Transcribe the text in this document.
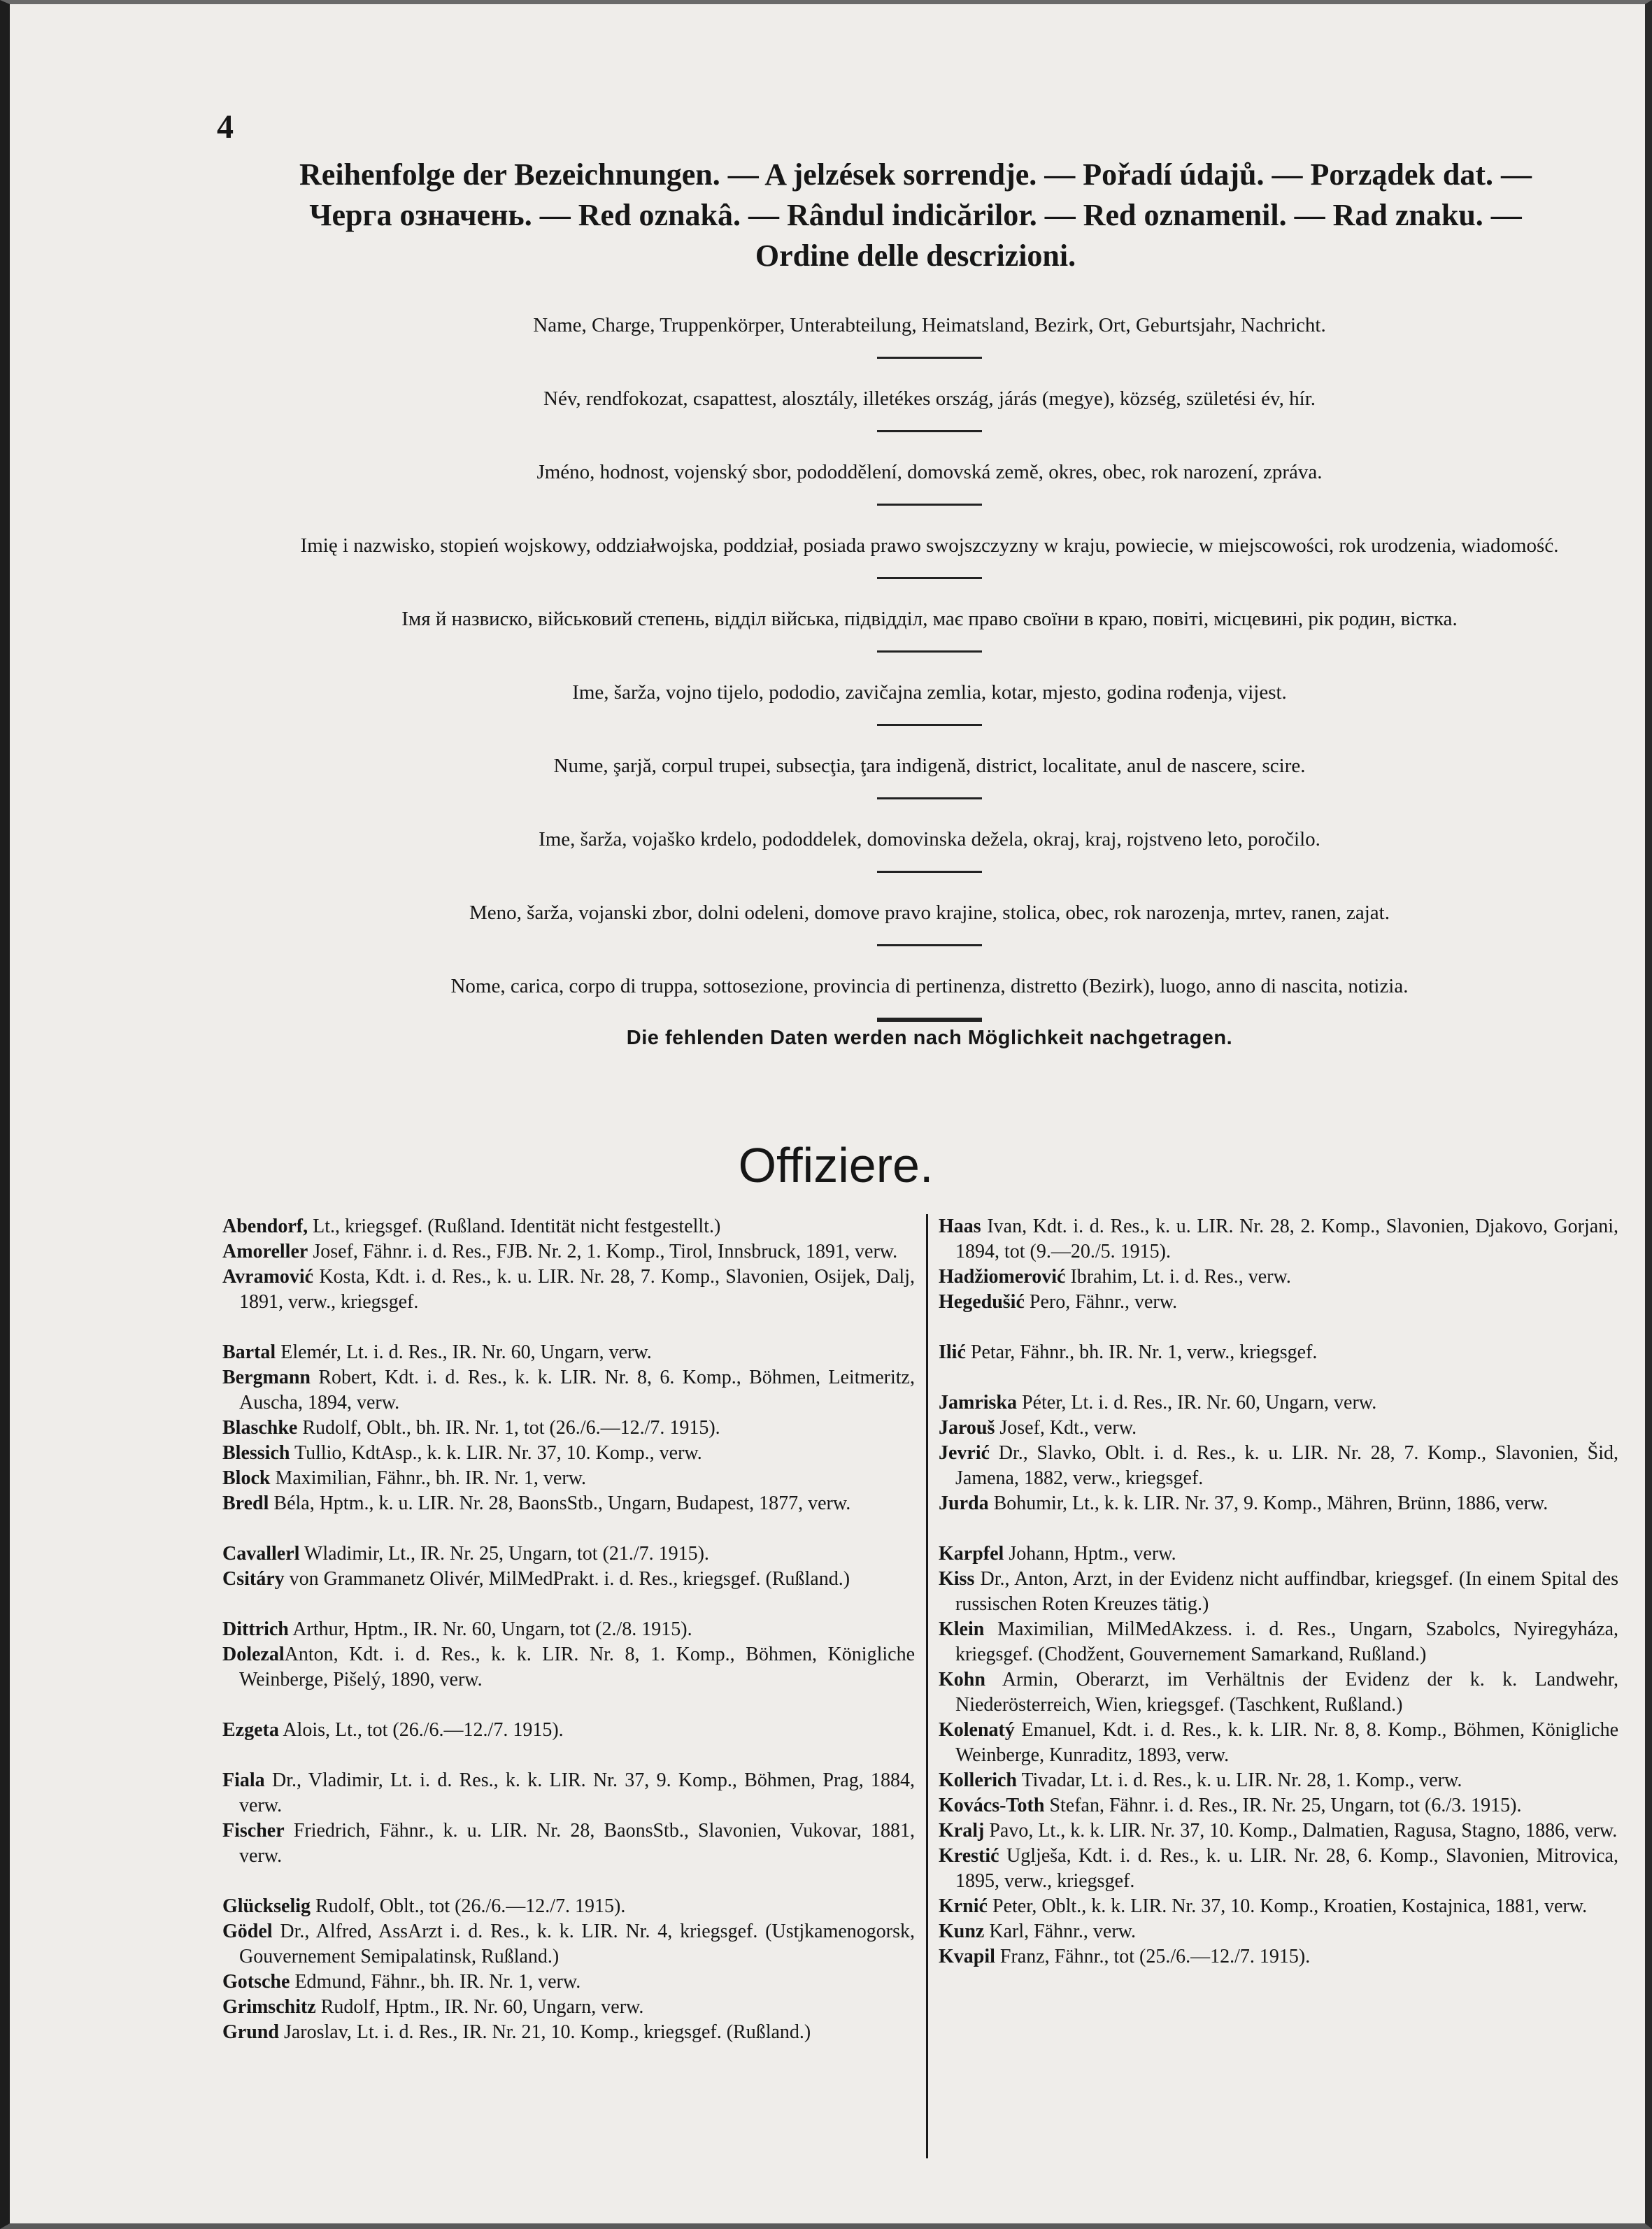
4
Reihenfolge der Bezeichnungen. — A jelzések sorrendje. — Pořadí údajů. — Porządek dat. —
Черга означень. — Red oznakâ. — Rândul indicărilor. — Red oznamenil. — Rad znaku. —
Ordine delle descrizioni.
Name, Charge, Truppenkörper, Unterabteilung, Heimatsland, Bezirk, Ort, Geburtsjahr, Nachricht.
Név, rendfokozat, csapattest, alosztály, illetékes ország, járás (megye), község, születési év, hír.
Jméno, hodnost, vojenský sbor, pododdělení, domovská země, okres, obec, rok narození, zpráva.
Imię i nazwisko, stopień wojskowy, oddziałwojska, poddział, posiada prawo swojszczyzny w kraju, powiecie, w miejscowości, rok urodzenia, wiadomość.
Імя й назвиско, військовий степень, відділ війська, підвідділ, має право своїни в краю, повіті, місцевині, рік родин, вістка.
Ime, šarža, vojno tijelo, pododio, zavičajna zemlia, kotar, mjesto, godina rođenja, vijest.
Nume, şarjă, corpul trupei, subsecţia, ţara indigenă, district, localitate, anul de nascere, scire.
Ime, šarža, vojaško krdelo, pododdelek, domovinska dežela, okraj, kraj, rojstveno leto, poročilo.
Meno, šarža, vojanski zbor, dolni odeleni, domove pravo krajine, stolica, obec, rok narozenja, mrtev, ranen, zajat.
Nome, carica, corpo di truppa, sottosezione, provincia di pertinenza, distretto (Bezirk), luogo, anno di nascita, notizia.
Die fehlenden Daten werden nach Möglichkeit nachgetragen.
Offiziere.
Abendorf, Lt., kriegsgef. (Rußland. Identität nicht festgestellt.)
Amoreller Josef, Fähnr. i. d. Res., FJB. Nr. 2, 1. Komp., Tirol, Innsbruck, 1891, verw.
Avramović Kosta, Kdt. i. d. Res., k. u. LIR. Nr. 28, 7. Komp., Slavonien, Osijek, Dalj, 1891, verw., kriegsgef.
Bartal Elemér, Lt. i. d. Res., IR. Nr. 60, Ungarn, verw.
Bergmann Robert, Kdt. i. d. Res., k. k. LIR. Nr. 8, 6. Komp., Böhmen, Leitmeritz, Auscha, 1894, verw.
Blaschke Rudolf, Oblt., bh. IR. Nr. 1, tot (26./6.—12./7. 1915).
Blessich Tullio, KdtAsp., k. k. LIR. Nr. 37, 10. Komp., verw.
Block Maximilian, Fähnr., bh. IR. Nr. 1, verw.
Bredl Béla, Hptm., k. u. LIR. Nr. 28, BaonsStb., Ungarn, Budapest, 1877, verw.
Cavallerl Wladimir, Lt., IR. Nr. 25, Ungarn, tot (21./7. 1915).
Csitáry von Grammanetz Olivér, MilMedPrakt. i. d. Res., kriegsgef. (Rußland.)
Dittrich Arthur, Hptm., IR. Nr. 60, Ungarn, tot (2./8. 1915).
DolezalAnton, Kdt. i. d. Res., k. k. LIR. Nr. 8, 1. Komp., Böhmen, Königliche Weinberge, Pišelý, 1890, verw.
Ezgeta Alois, Lt., tot (26./6.—12./7. 1915).
Fiala Dr., Vladimir, Lt. i. d. Res., k. k. LIR. Nr. 37, 9. Komp., Böhmen, Prag, 1884, verw.
Fischer Friedrich, Fähnr., k. u. LIR. Nr. 28, BaonsStb., Slavonien, Vukovar, 1881, verw.
Glückselig Rudolf, Oblt., tot (26./6.—12./7. 1915).
Gödel Dr., Alfred, AssArzt i. d. Res., k. k. LIR. Nr. 4, kriegsgef. (Ustjkamenogorsk, Gouvernement Semipalatinsk, Rußland.)
Gotsche Edmund, Fähnr., bh. IR. Nr. 1, verw.
Grimschitz Rudolf, Hptm., IR. Nr. 60, Ungarn, verw.
Grund Jaroslav, Lt. i. d. Res., IR. Nr. 21, 10. Komp., kriegsgef. (Rußland.)
Haas Ivan, Kdt. i. d. Res., k. u. LIR. Nr. 28, 2. Komp., Slavonien, Djakovo, Gorjani, 1894, tot (9.—20./5. 1915).
Hadžiomerović Ibrahim, Lt. i. d. Res., verw.
Hegedušić Pero, Fähnr., verw.
Ilić Petar, Fähnr., bh. IR. Nr. 1, verw., kriegsgef.
Jamriska Péter, Lt. i. d. Res., IR. Nr. 60, Ungarn, verw.
Jarouš Josef, Kdt., verw.
Jevrić Dr., Slavko, Oblt. i. d. Res., k. u. LIR. Nr. 28, 7. Komp., Slavonien, Šid, Jamena, 1882, verw., kriegsgef.
Jurda Bohumir, Lt., k. k. LIR. Nr. 37, 9. Komp., Mähren, Brünn, 1886, verw.
Karpfel Johann, Hptm., verw.
Kiss Dr., Anton, Arzt, in der Evidenz nicht auffindbar, kriegsgef. (In einem Spital des russischen Roten Kreuzes tätig.)
Klein Maximilian, MilMedAkzess. i. d. Res., Ungarn, Szabolcs, Nyiregyháza, kriegsgef. (Chodžent, Gouvernement Samarkand, Rußland.)
Kohn Armin, Oberarzt, im Verhältnis der Evidenz der k. k. Landwehr, Niederösterreich, Wien, kriegsgef. (Taschkent, Rußland.)
Kolenatý Emanuel, Kdt. i. d. Res., k. k. LIR. Nr. 8, 8. Komp., Böhmen, Königliche Weinberge, Kunraditz, 1893, verw.
Kollerich Tivadar, Lt. i. d. Res., k. u. LIR. Nr. 28, 1. Komp., verw.
Kovács-Toth Stefan, Fähnr. i. d. Res., IR. Nr. 25, Ungarn, tot (6./3. 1915).
Kralj Pavo, Lt., k. k. LIR. Nr. 37, 10. Komp., Dalmatien, Ragusa, Stagno, 1886, verw.
Krestić Uglješa, Kdt. i. d. Res., k. u. LIR. Nr. 28, 6. Komp., Slavonien, Mitrovica, 1895, verw., kriegsgef.
Krnić Peter, Oblt., k. k. LIR. Nr. 37, 10. Komp., Kroatien, Kostajnica, 1881, verw.
Kunz Karl, Fähnr., verw.
Kvapil Franz, Fähnr., tot (25./6.—12./7. 1915).
